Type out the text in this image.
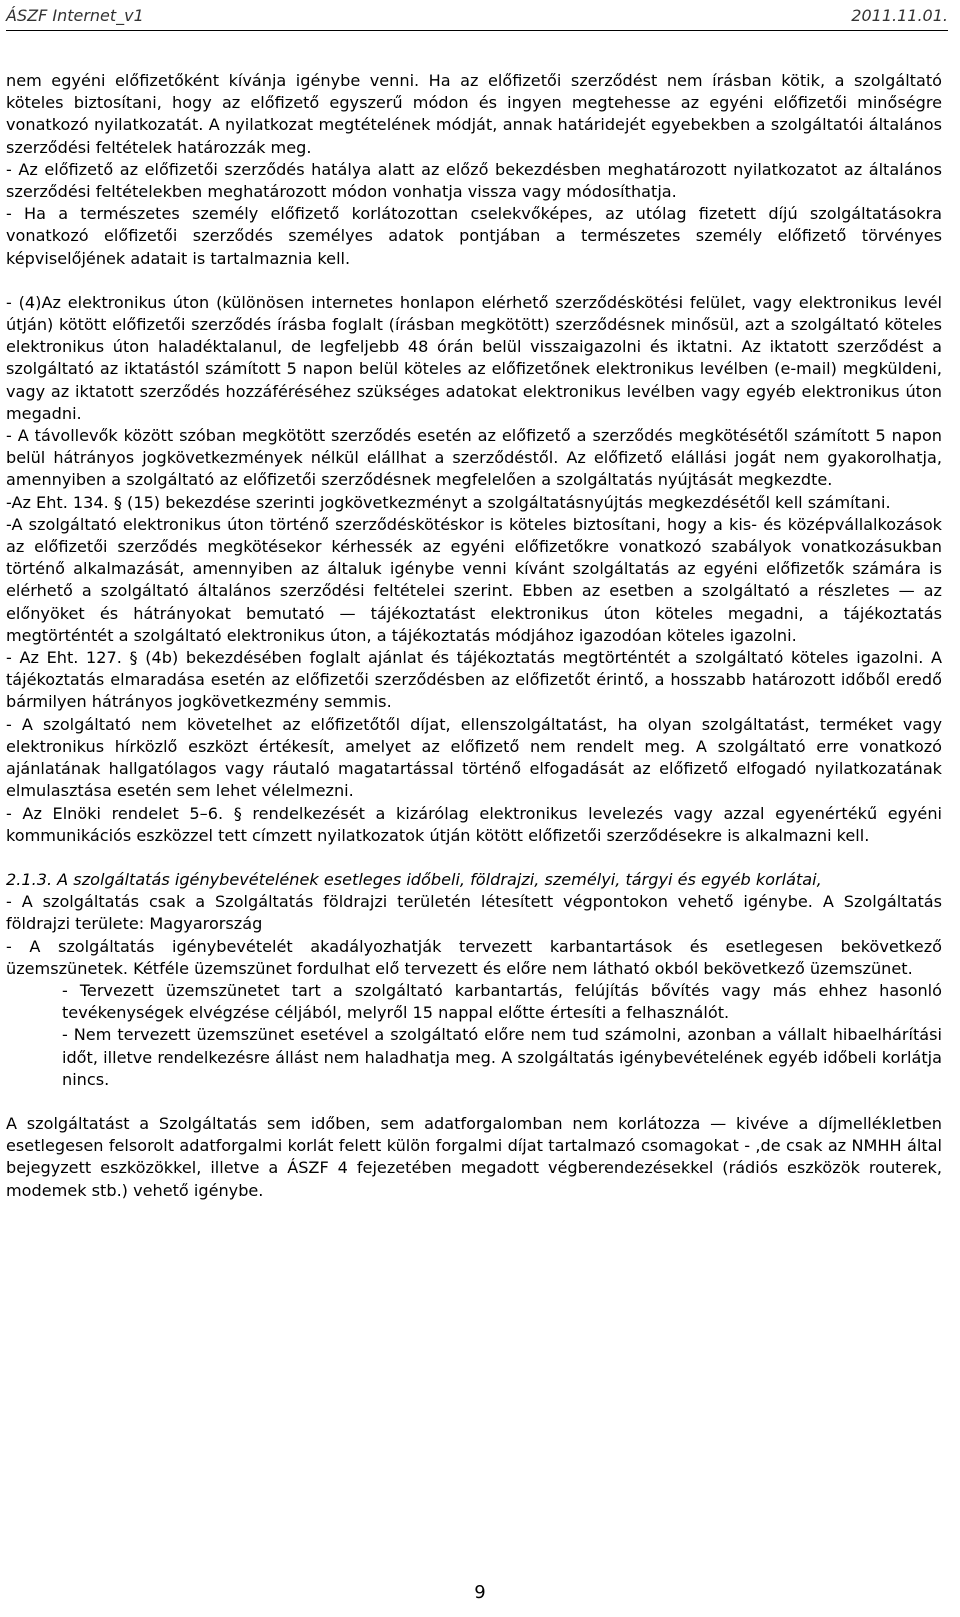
ÁSZF Internet_v1	2011.11.01.

nem egyéni előfizetőként kívánja igénybe venni. Ha az előfizetői szerződést nem írásban kötik, a szolgáltató köteles biztosítani, hogy az előfizető egyszerű módon és ingyen megtehesse az egyéni előfizetői minőségre vonatkozó nyilatkozatát. A nyilatkozat megtételének módját, annak határidejét egyebekben a szolgáltatói általános szerződési feltételek határozzák meg.

- Az előfizető az előfizetői szerződés hatálya alatt az előző bekezdésben meghatározott nyilatkozatot az általános szerződési feltételekben meghatározott módon vonhatja vissza vagy módosíthatja.

- Ha a természetes személy előfizető korlátozottan cselekvőképes, az utólag fizetett díjú szolgáltatásokra vonatkozó előfizetői szerződés személyes adatok pontjában a természetes személy előfizető törvényes képviselőjének adatait is tartalmaznia kell.

- (4)Az elektronikus úton (különösen internetes honlapon elérhető szerződéskötési felület, vagy elektronikus levél útján) kötött előfizetői szerződés írásba foglalt (írásban megkötött) szerződésnek minősül, azt a szolgáltató köteles elektronikus úton haladéktalanul, de legfeljebb 48 órán belül visszaigazolni és iktatni. Az iktatott szerződést a szolgáltató az iktatástól számított 5 napon belül köteles az előfizetőnek elektronikus levélben (e-mail) megküldeni, vagy az iktatott szerződés hozzáféréséhez szükséges adatokat elektronikus levélben vagy egyéb elektronikus úton megadni.

- A távollevők között szóban megkötött szerződés esetén az előfizető a szerződés megkötésétől számított 5 napon belül hátrányos jogkövetkezmények nélkül elállhat a szerződéstől. Az előfizető elállási jogát nem gyakorolhatja, amennyiben a szolgáltató az előfizetői szerződésnek megfelelően a szolgáltatás nyújtását megkezdte.

-Az Eht. 134. § (15) bekezdése szerinti jogkövetkezményt a szolgáltatásnyújtás megkezdésétől kell számítani.

-A szolgáltató elektronikus úton történő szerződéskötéskor is köteles biztosítani, hogy a kis- és középvállalkozások az előfizetői szerződés megkötésekor kérhessék az egyéni előfizetőkre vonatkozó szabályok vonatkozásukban történő alkalmazását, amennyiben az általuk igénybe venni kívánt szolgáltatás az egyéni előfizetők számára is elérhető a szolgáltató általános szerződési feltételei szerint. Ebben az esetben a szolgáltató a részletes — az előnyöket és hátrányokat bemutató — tájékoztatást elektronikus úton köteles megadni, a tájékoztatás megtörténtét a szolgáltató elektronikus úton, a tájékoztatás módjához igazodóan köteles igazolni.

- Az Eht. 127. § (4b) bekezdésében foglalt ajánlat és tájékoztatás megtörténtét a szolgáltató köteles igazolni. A tájékoztatás elmaradása esetén az előfizetői szerződésben az előfizetőt érintő, a hosszabb határozott időből eredő bármilyen hátrányos jogkövetkezmény semmis.

- A szolgáltató nem követelhet az előfizetőtől díjat, ellenszolgáltatást, ha olyan szolgáltatást, terméket vagy elektronikus hírközlő eszközt értékesít, amelyet az előfizető nem rendelt meg. A szolgáltató erre vonatkozó ajánlatának hallgatólagos vagy ráutaló magatartással történő elfogadását az előfizető elfogadó nyilatkozatának elmulasztása esetén sem lehet vélelmezni.

- Az Elnöki rendelet 5–6. § rendelkezését a kizárólag elektronikus levelezés vagy azzal egyenértékű egyéni kommunikációs eszközzel tett címzett nyilatkozatok útján kötött előfizetői szerződésekre is alkalmazni kell.

2.1.3. A szolgáltatás igénybevételének esetleges időbeli, földrajzi, személyi, tárgyi és egyéb korlátai,

- A szolgáltatás csak a Szolgáltatás földrajzi területén létesített végpontokon vehető igénybe. A Szolgáltatás földrajzi területe: Magyarország

- A szolgáltatás igénybevételét akadályozhatják tervezett karbantartások és esetlegesen bekövetkező üzemszünetek. Kétféle üzemszünet fordulhat elő tervezett és előre nem látható okból bekövetkező üzemszünet.

- Tervezett üzemszünetet tart a szolgáltató karbantartás, felújítás bővítés vagy más ehhez hasonló tevékenységek elvégzése céljából, melyről 15 nappal előtte értesíti a felhasználót.

- Nem tervezett üzemszünet esetével a szolgáltató előre nem tud számolni, azonban a vállalt hibaelhárítási időt, illetve rendelkezésre állást nem haladhatja meg. A szolgáltatás igénybevételének egyéb időbeli korlátja nincs.

A szolgáltatást a Szolgáltatás sem időben, sem adatforgalomban nem korlátozza — kivéve a díjmellékletben esetlegesen felsorolt adatforgalmi korlát felett külön forgalmi díjat tartalmazó csomagokat - ,de csak az NMHH által bejegyzett eszközökkel, illetve a ÁSZF 4 fejezetében megadott végberendezésekkel (rádiós eszközök routerek, modemek stb.) vehető igénybe.

9
